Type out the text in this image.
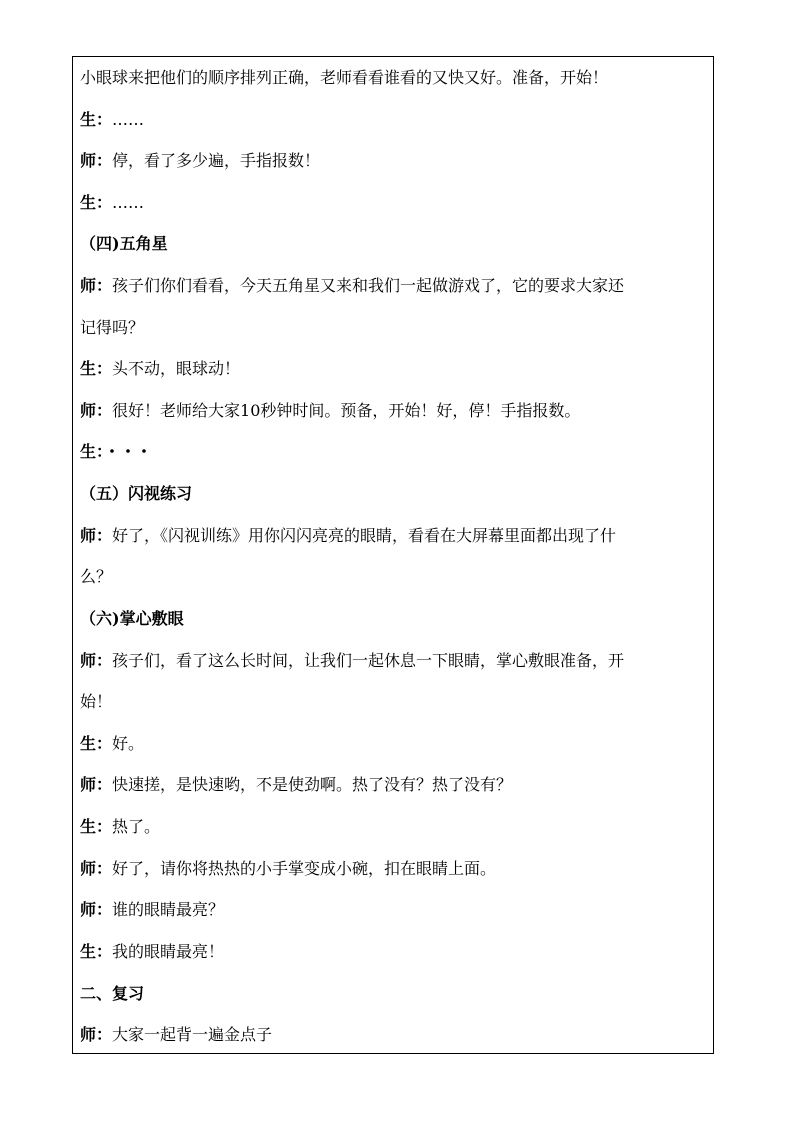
小眼球来把他们的顺序排列正确，老师看看谁看的又快又好。准备，开始！
生：……
师：停，看了多少遍，手指报数！
生：……
（四)五角星
师：孩子们你们看看，今天五角星又来和我们一起做游戏了，它的要求大家还
记得吗？
生：头不动，眼球动！
师：很好！老师给大家10秒钟时间。预备，开始！好，停！手指报数。
生：・・・
（五）闪视练习
师：好了，《闪视训练》用你闪闪亮亮的眼睛，看看在大屏幕里面都出现了什
么？
（六)掌心敷眼
师：孩子们，看了这么长时间，让我们一起休息一下眼睛，掌心敷眼准备，开
始！
生：好。
师：快速搓，是快速哟，不是使劲啊。热了没有？热了没有？
生：热了。
师：好了，请你将热热的小手掌变成小碗，扣在眼睛上面。
师：谁的眼睛最亮？
生：我的眼睛最亮！
二、复习
师：大家一起背一遍金点子
